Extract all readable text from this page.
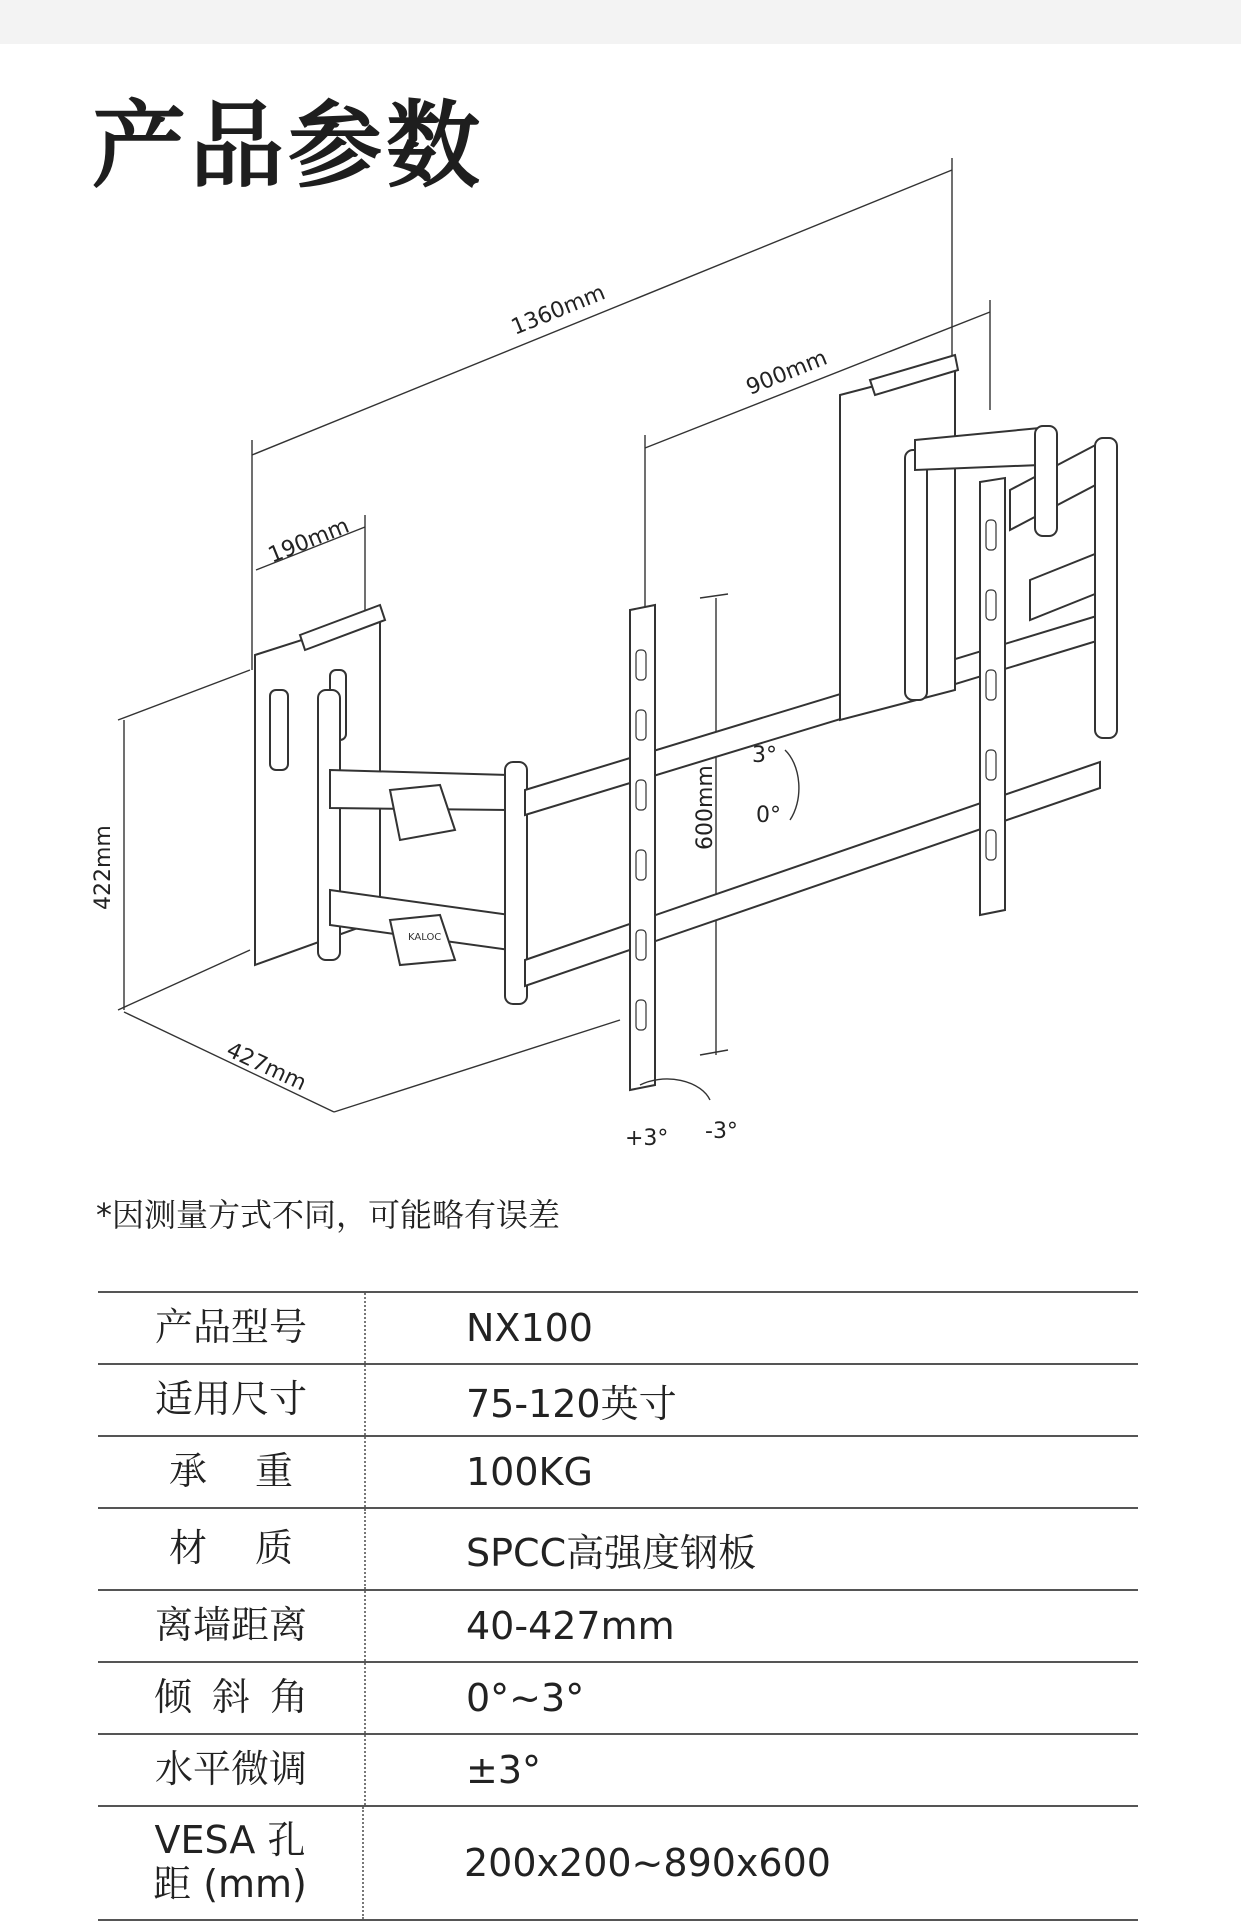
产品参数
1360mm
900mm
190mm
422mm
427mm
600mm
3°
0°
+3° -3°
KALOC
*因测量方式不同，可能略有误差
产品型号	NX100
适用尺寸	75-120英寸
承重	100KG
材质	SPCC高强度钢板
离墙距离	40-427mm
倾斜角	0°~3°
水平微调	±3°
VESA 孔距 (mm)	200x200~890x600
